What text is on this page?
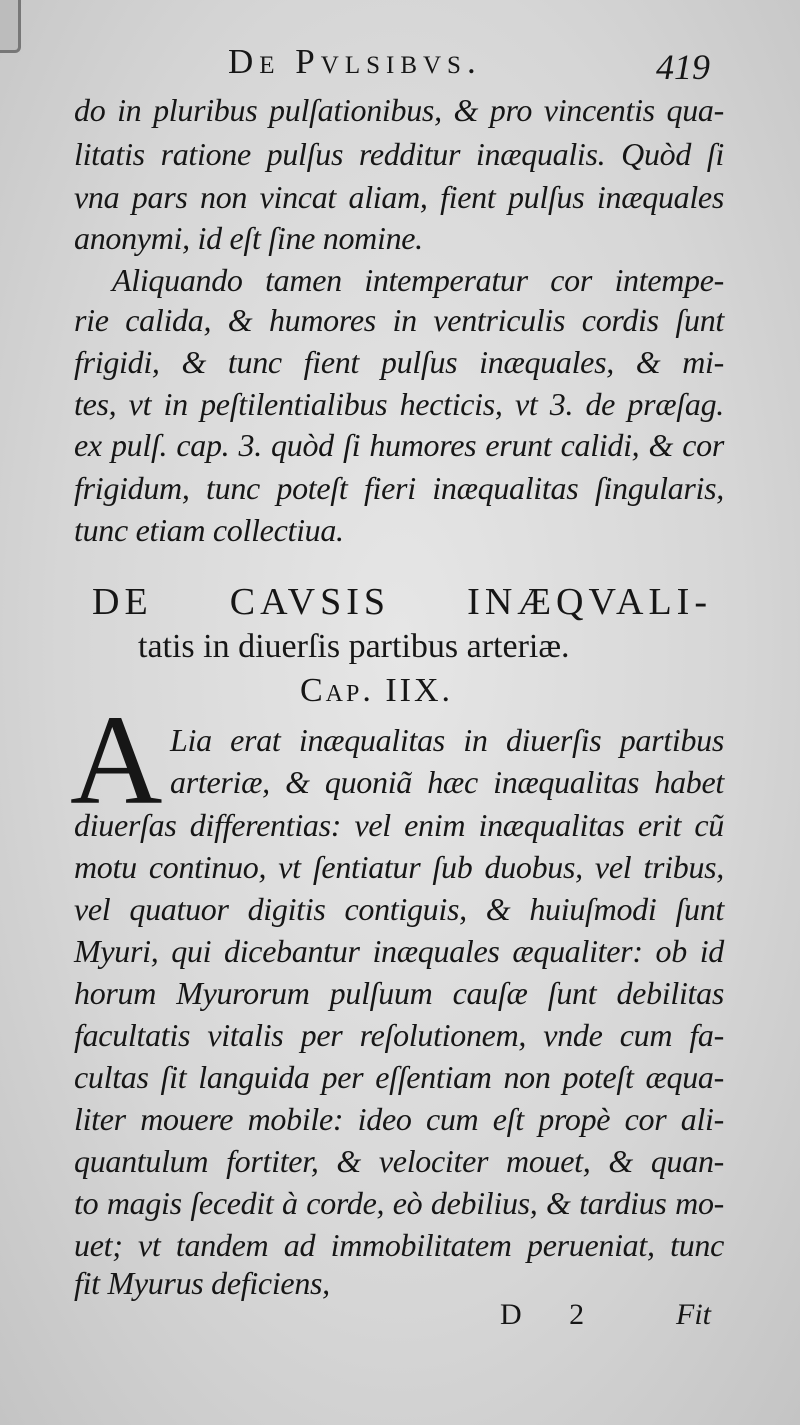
De Pvlsibvs.	419
do in pluribus pulſationibus, & pro vincentis qua-
litatis ratione pulſus redditur inæqualis. Quòd ſi
vna pars non vincat aliam, fient pulſus inæquales
anonymi, id eſt ſine nomine.
Aliquando tamen intemperatur cor intempe-
rie calida, & humores in ventriculis cordis ſunt
frigidi, & tunc fient pulſus inæquales, & mi-
tes, vt in peſtilentialibus hecticis, vt 3. de præſag.
ex pulſ. cap. 3. quòd ſi humores erunt calidi, & cor
frigidum, tunc poteſt fieri inæqualitas ſingularis,
tunc etiam collectiua.
DE CAVSIS INÆQVALI-
tatis in diuerſis partibus arteriæ.
Cap. IIX.
A Lia erat inæqualitas in diuerſis partibus
arteriæ, & quoniã hæc inæqualitas habet
diuerſas differentias: vel enim inæqualitas erit cũ
motu continuo, vt ſentiatur ſub duobus, vel tribus,
vel quatuor digitis contiguis, & huiuſmodi ſunt
Myuri, qui dicebantur inæquales æqualiter: ob id
horum Myurorum pulſuum cauſæ ſunt debilitas
facultatis vitalis per reſolutionem, vnde cum fa-
cultas ſit languida per eſſentiam non poteſt æqua-
liter mouere mobile: ideo cum eſt propè cor ali-
quantulum fortiter, & velociter mouet, & quan-
to magis ſecedit à corde, eò debilius, & tardius mo-
uet; vt tandem ad immobilitatem perueniat, tunc
fit Myurus deficiens,
D 2 Fit
